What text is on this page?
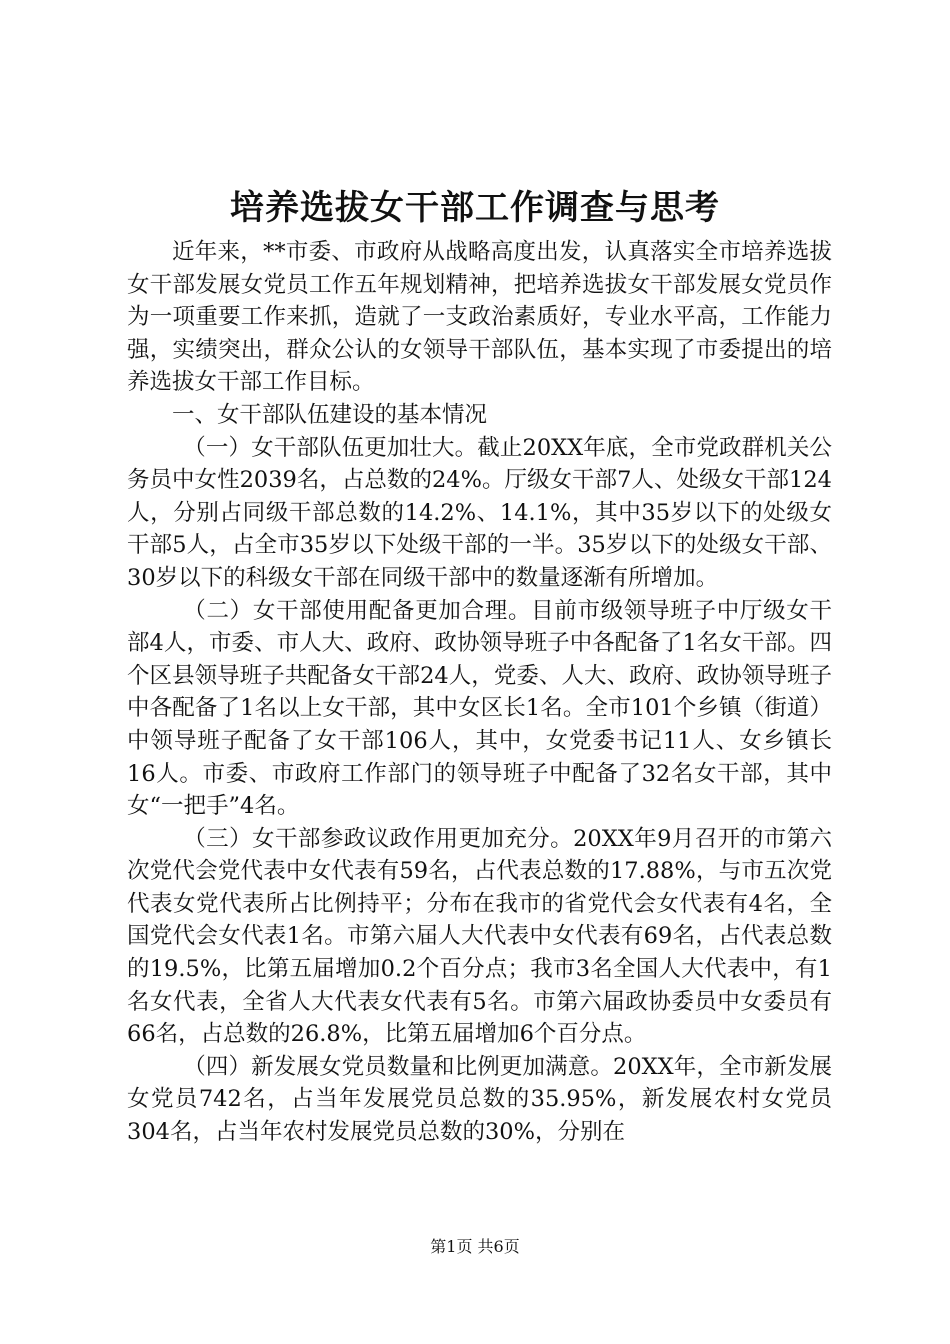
培养选拔女干部工作调查与思考

近年来，**市委、市政府从战略高度出发，认真落实全市培养选拔女干部发展女党员工作五年规划精神，把培养选拔女干部发展女党员作为一项重要工作来抓，造就了一支政治素质好，专业水平高，工作能力强，实绩突出，群众公认的女领导干部队伍，基本实现了市委提出的培养选拔女干部工作目标。

一、女干部队伍建设的基本情况

（一）女干部队伍更加壮大。截止20XX年底，全市党政群机关公务员中女性2039名，占总数的24%。厅级女干部7人、处级女干部124人，分别占同级干部总数的14.2%、14.1%，其中35岁以下的处级女干部5人，占全市35岁以下处级干部的一半。35岁以下的处级女干部、30岁以下的科级女干部在同级干部中的数量逐渐有所增加。

（二）女干部使用配备更加合理。目前市级领导班子中厅级女干部4人，市委、市人大、政府、政协领导班子中各配备了1名女干部。四个区县领导班子共配备女干部24人，党委、人大、政府、政协领导班子中各配备了1名以上女干部，其中女区长1名。全市101个乡镇（街道）中领导班子配备了女干部106人，其中，女党委书记11人、女乡镇长16人。市委、市政府工作部门的领导班子中配备了32名女干部，其中女“一把手”4名。

（三）女干部参政议政作用更加充分。20XX年9月召开的市第六次党代会党代表中女代表有59名，占代表总数的17.88%，与市五次党代表女党代表所占比例持平；分布在我市的省党代会女代表有4名，全国党代会女代表1名。市第六届人大代表中女代表有69名，占代表总数的19.5%，比第五届增加0.2个百分点；我市3名全国人大代表中，有1名女代表，全省人大代表女代表有5名。市第六届政协委员中女委员有66名，占总数的26.8%，比第五届增加6个百分点。

（四）新发展女党员数量和比例更加满意。20XX年，全市新发展女党员742名，占当年发展党员总数的35.95%，新发展农村女党员304名，占当年农村发展党员总数的30%，分别在

第1页 共6页
